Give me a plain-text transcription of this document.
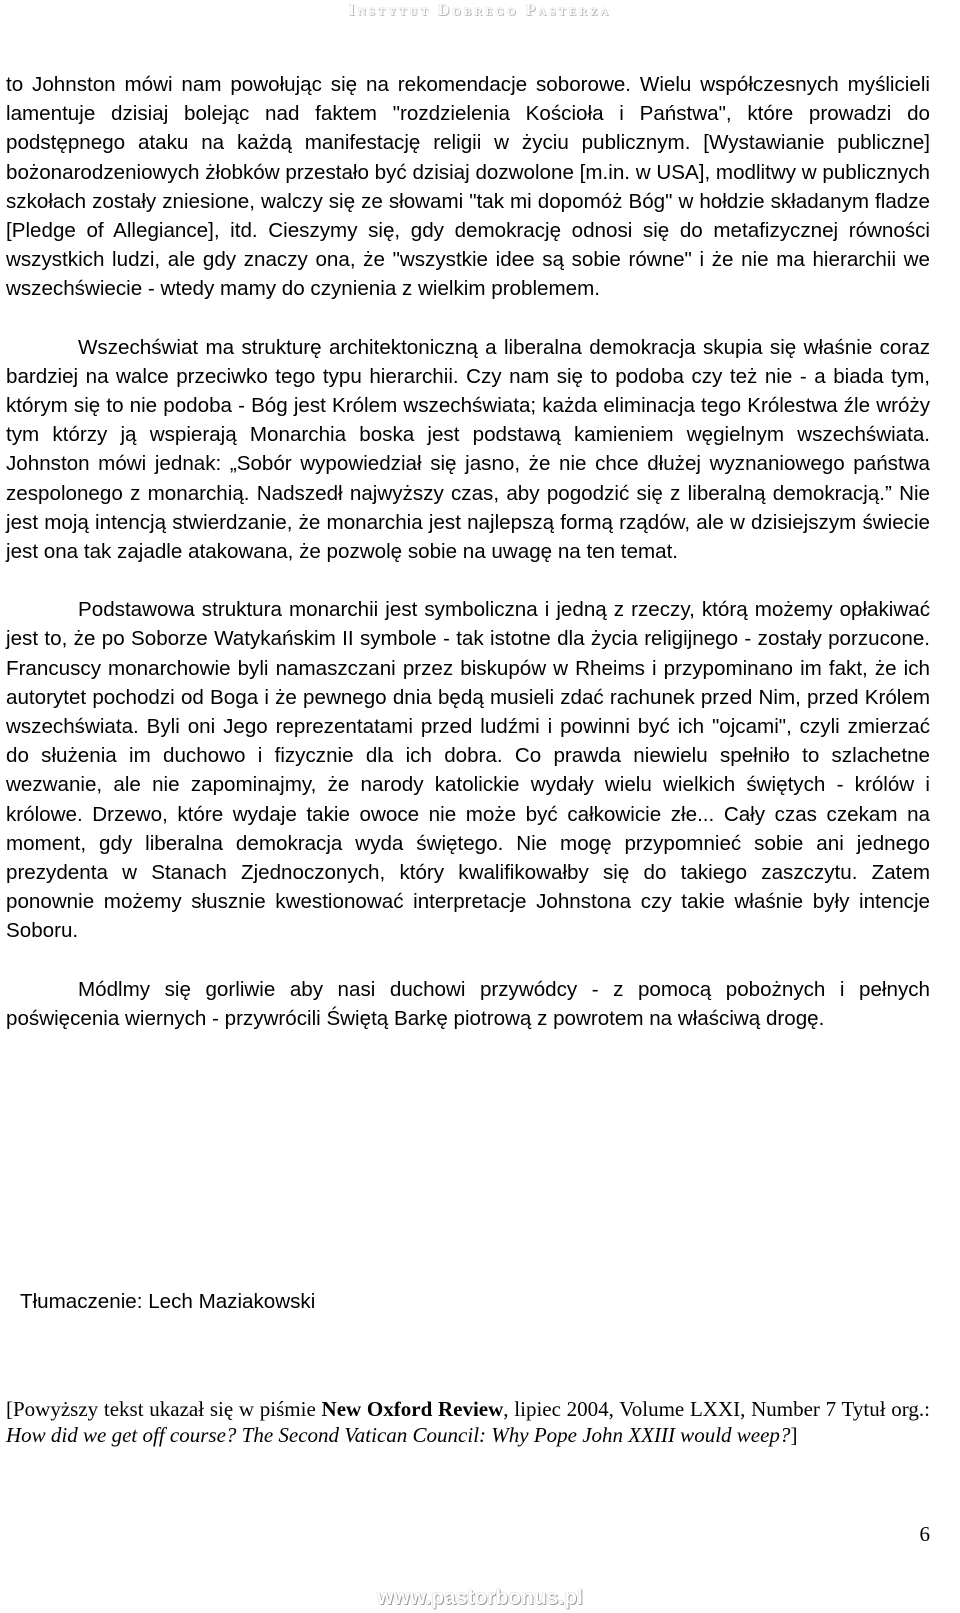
Instytut Dobrego Pasterza

to Johnston mówi nam powołując się na rekomendacje soborowe. Wielu współczesnych myślicieli lamentuje dzisiaj bolejąc nad faktem "rozdzielenia Kościoła i Państwa", które prowadzi do podstępnego ataku na każdą manifestację religii w życiu publicznym. [Wystawianie publiczne] bożonarodzeniowych żłobków przestało być dzisiaj dozwolone [m.in. w USA], modlitwy w publicznych szkołach zostały zniesione, walczy się ze słowami "tak mi dopomóż Bóg" w hołdzie składanym fladze [Pledge of Allegiance], itd. Cieszymy się, gdy demokrację odnosi się do metafizycznej równości wszystkich ludzi, ale gdy znaczy ona, że "wszystkie idee są sobie równe" i że nie ma hierarchii we wszechświecie - wtedy mamy do czynienia z wielkim problemem.

Wszechświat ma strukturę architektoniczną a liberalna demokracja skupia się właśnie coraz bardziej na walce przeciwko tego typu hierarchii. Czy nam się to podoba czy też nie - a biada tym, którym się to nie podoba - Bóg jest Królem wszechświata; każda eliminacja tego Królestwa źle wróży tym którzy ją wspierają Monarchia boska jest podstawą kamieniem węgielnym wszechświata. Johnston mówi jednak: „Sobór wypowiedział się jasno, że nie chce dłużej wyznaniowego państwa zespolonego z monarchią. Nadszedł najwyższy czas, aby pogodzić się z liberalną demokracją.” Nie jest moją intencją stwierdzanie, że monarchia jest najlepszą formą rządów, ale w dzisiejszym świecie jest ona tak zajadle atakowana, że pozwolę sobie na uwagę na ten temat.

Podstawowa struktura monarchii jest symboliczna i jedną z rzeczy, którą możemy opłakiwać jest to, że po Soborze Watykańskim II symbole - tak istotne dla życia religijnego - zostały porzucone. Francuscy monarchowie byli namaszczani przez biskupów w Rheims i przypominano im fakt, że ich autorytet pochodzi od Boga i że pewnego dnia będą musieli zdać rachunek przed Nim, przed Królem wszechświata. Byli oni Jego reprezentatami przed ludźmi i powinni być ich "ojcami", czyli zmierzać do służenia im duchowo i fizycznie dla ich dobra. Co prawda niewielu spełniło to szlachetne wezwanie, ale nie zapominajmy, że narody katolickie wydały wielu wielkich świętych - królów i królowe. Drzewo, które wydaje takie owoce nie może być całkowicie złe... Cały czas czekam na moment, gdy liberalna demokracja wyda świętego. Nie mogę przypomnieć sobie ani jednego prezydenta w Stanach Zjednoczonych, który kwalifikowałby się do takiego zaszczytu. Zatem ponownie możemy słusznie kwestionować interpretacje Johnstona czy takie właśnie były intencje Soboru.

Módlmy się gorliwie aby nasi duchowi przywódcy - z pomocą pobożnych i pełnych poświęcenia wiernych - przywrócili Świętą Barkę piotrową z powrotem na właściwą drogę.

Tłumaczenie: Lech Maziakowski
[Powyższy tekst ukazał się w piśmie New Oxford Review, lipiec 2004, Volume LXXI, Number 7 Tytuł org.: How did we get off course? The Second Vatican Council: Why Pope John XXIII would weep?]
6
www.pastorbonus.pl
